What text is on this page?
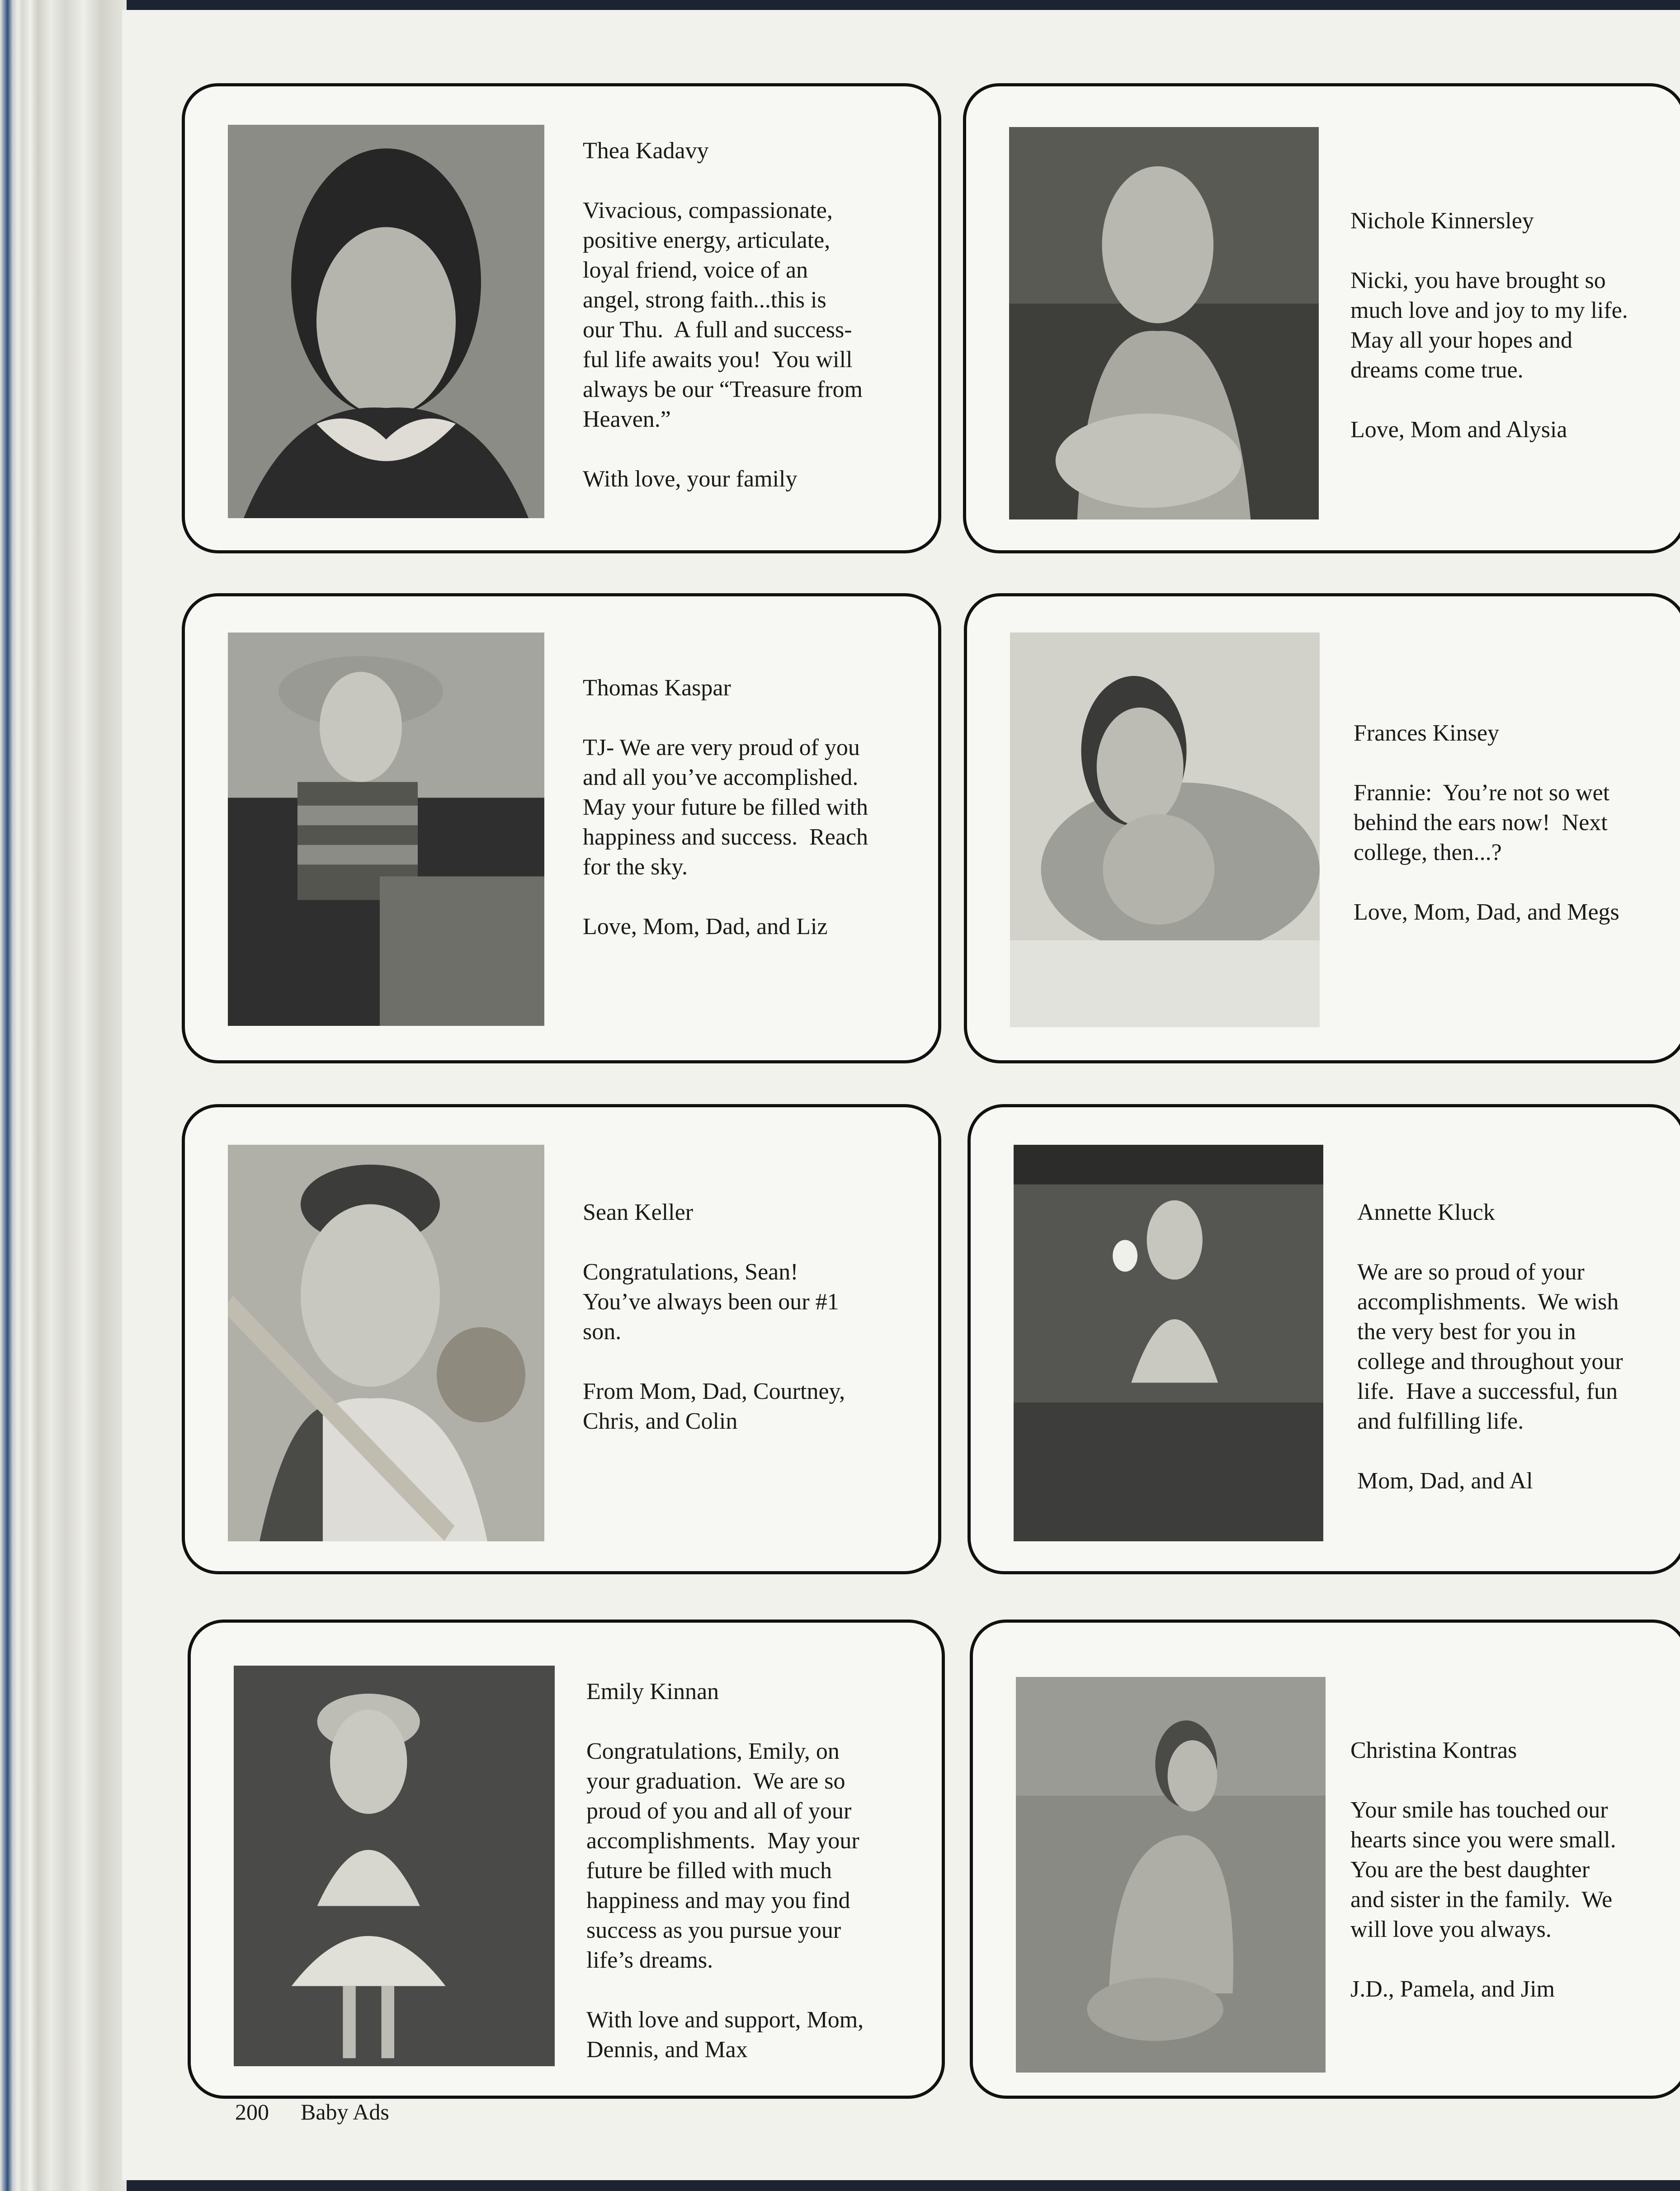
Thea Kadavy
Vivacious, compassionate,
positive energy, articulate,
loyal friend, voice of an
angel, strong faith...this is
our Thu.  A full and success-
ful life awaits you!  You will
always be our “Treasure from
Heaven.”
With love, your family
Nichole Kinnersley
Nicki, you have brought so
much love and joy to my life.
May all your hopes and
dreams come true.
Love, Mom and Alysia
Thomas Kaspar
TJ- We are very proud of you
and all you’ve accomplished.
May your future be filled with
happiness and success.  Reach
for the sky.
Love, Mom, Dad, and Liz
Frances Kinsey
Frannie:  You’re not so wet
behind the ears now!  Next
college, then...?
Love, Mom, Dad, and Megs
Sean Keller
Congratulations, Sean!
You’ve always been our #1
son.
From Mom, Dad, Courtney,
Chris, and Colin
Annette Kluck
We are so proud of your
accomplishments.  We wish
the very best for you in
college and throughout your
life.  Have a successful, fun
and fulfilling life.
Mom, Dad, and Al
Emily Kinnan
Congratulations, Emily, on
your graduation.  We are so
proud of you and all of your
accomplishments.  May your
future be filled with much
happiness and may you find
success as you pursue your
life’s dreams.
With love and support, Mom,
Dennis, and Max
Christina Kontras
Your smile has touched our
hearts since you were small.
You are the best daughter
and sister in the family.  We
will love you always.
J.D., Pamela, and Jim
200 Baby Ads
